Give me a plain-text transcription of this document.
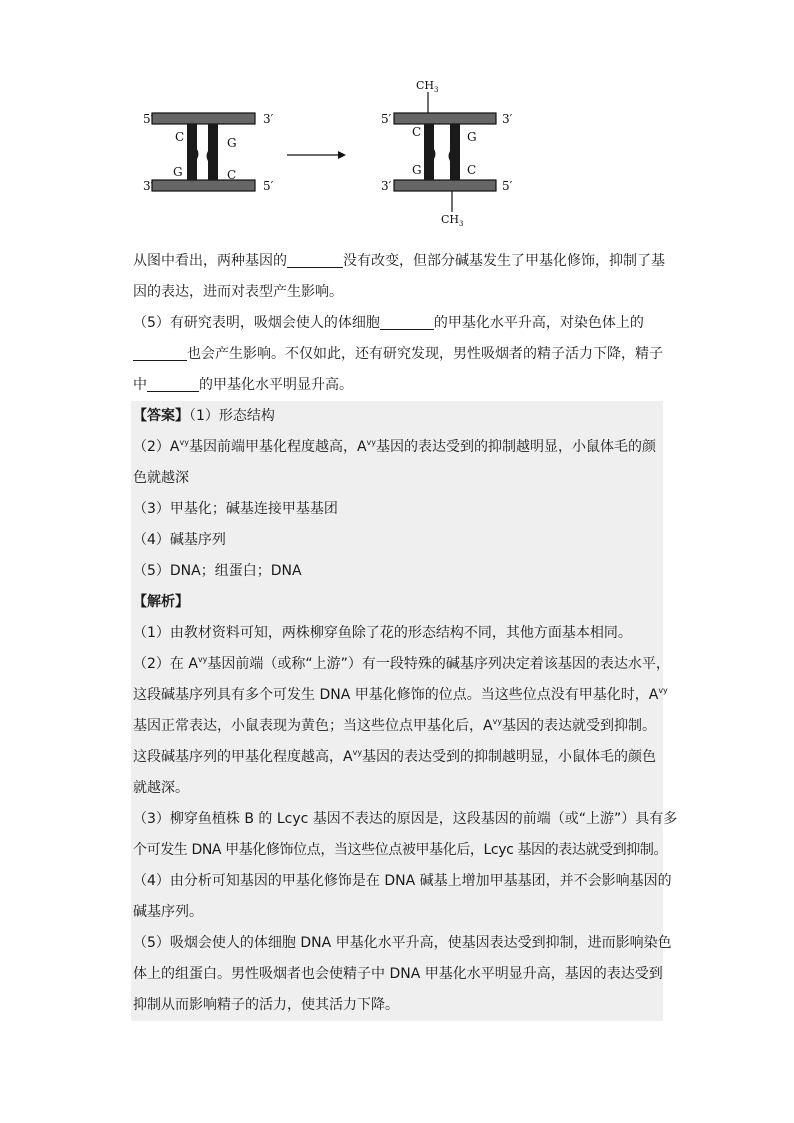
C	G
G	C
5′	3′
3′	5′
$CH_3$
C	G
G	C
5′	3′
3′	5′
$CH_3$
从图中看出，两种基因的	没有改变，但部分碱基发生了甲基化修饰，抑制了基
因的表达，进而对表型产生影响。
（5）有研究表明，吸烟会使人的体细胞	的甲基化水平升高，对染色体上的
也会产生影响。不仅如此，还有研究发现，男性吸烟者的精子活力下降，精子
中	的甲基化水平明显升高。
【答案】（1）形态结构
$(2)A^{vy}$基因前端甲基化程度越高，$A^{vy}$基因的表达受到的抑制越明显，小鼠体毛的颜
色就越深
（3）甲基化；碱基连接甲基基团
（4）碱基序列
（5）DNA；组蛋白；DNA
【解析】
（1）由教材资料可知，两株柳穿鱼除了花的形态结构不同，其他方面基本相同。
（2）在 $A^{vy}$基因前端（或称“上游”）有一段特殊的碱基序列决定着该基因的表达水平，
这段碱基序列具有多个可发生 DNA 甲基化修饰的位点。当这些位点没有甲基化时，$A^{vy}$
基因正常表达，小鼠表现为黄色；当这些位点甲基化后，$A^{vy}$基因的表达就受到抑制。
这段碱基序列的甲基化程度越高，$A^{vy}$基因的表达受到的抑制越明显，小鼠体毛的颜色
就越深。
（3）柳穿鱼植株 B 的 Lcyc 基因不表达的原因是，这段基因的前端（或“上游”）具有多
个可发生 DNA 甲基化修饰位点，当这些位点被甲基化后，Lcyc 基因的表达就受到抑制。
（4）由分析可知基因的甲基化修饰是在 DNA 碱基上增加甲基基团，并不会影响基因的
碱基序列。
（5）吸烟会使人的体细胞 DNA 甲基化水平升高，使基因表达受到抑制，进而影响染色
体上的组蛋白。男性吸烟者也会使精子中 DNA 甲基化水平明显升高，基因的表达受到
抑制从而影响精子的活力，使其活力下降。
